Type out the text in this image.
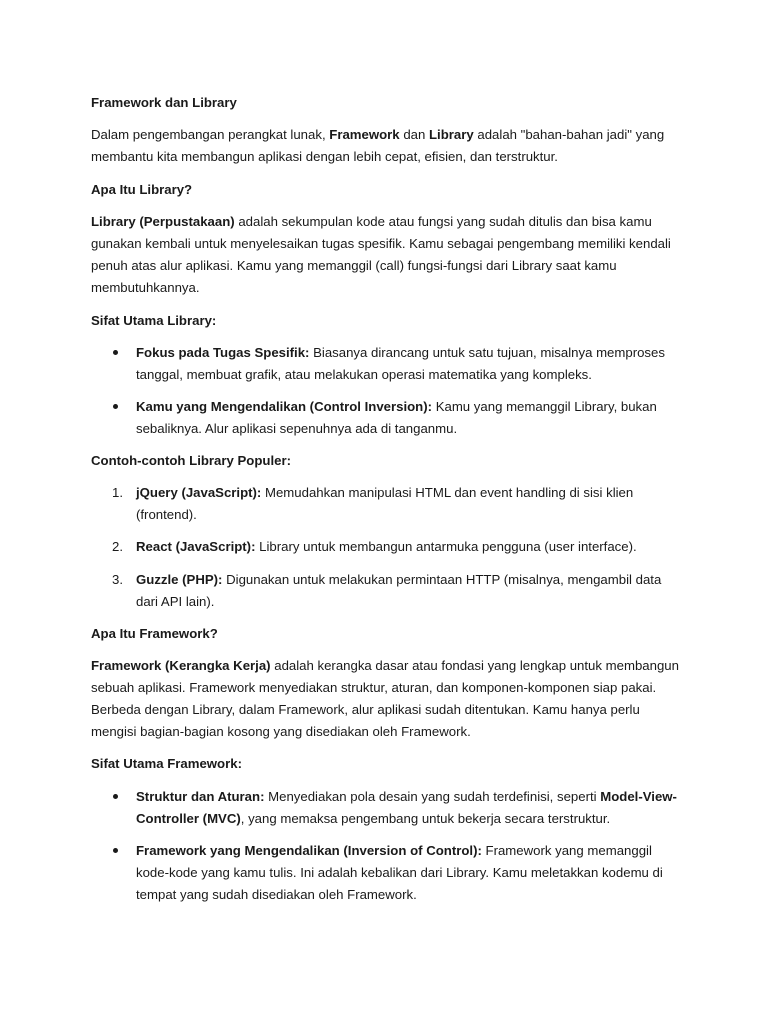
Framework dan Library

Dalam pengembangan perangkat lunak, Framework dan Library adalah "bahan-bahan jadi" yang membantu kita membangun aplikasi dengan lebih cepat, efisien, dan terstruktur.

Apa Itu Library?

Library (Perpustakaan) adalah sekumpulan kode atau fungsi yang sudah ditulis dan bisa kamu gunakan kembali untuk menyelesaikan tugas spesifik. Kamu sebagai pengembang memiliki kendali penuh atas alur aplikasi. Kamu yang memanggil (call) fungsi-fungsi dari Library saat kamu membutuhkannya.

Sifat Utama Library:

Fokus pada Tugas Spesifik: Biasanya dirancang untuk satu tujuan, misalnya memproses tanggal, membuat grafik, atau melakukan operasi matematika yang kompleks.

Kamu yang Mengendalikan (Control Inversion): Kamu yang memanggil Library, bukan sebaliknya. Alur aplikasi sepenuhnya ada di tanganmu.

Contoh-contoh Library Populer:

1. jQuery (JavaScript): Memudahkan manipulasi HTML dan event handling di sisi klien (frontend).

2. React (JavaScript): Library untuk membangun antarmuka pengguna (user interface).

3. Guzzle (PHP): Digunakan untuk melakukan permintaan HTTP (misalnya, mengambil data dari API lain).

Apa Itu Framework?

Framework (Kerangka Kerja) adalah kerangka dasar atau fondasi yang lengkap untuk membangun sebuah aplikasi. Framework menyediakan struktur, aturan, dan komponen-komponen siap pakai. Berbeda dengan Library, dalam Framework, alur aplikasi sudah ditentukan. Kamu hanya perlu mengisi bagian-bagian kosong yang disediakan oleh Framework.

Sifat Utama Framework:

Struktur dan Aturan: Menyediakan pola desain yang sudah terdefinisi, seperti Model-View-Controller (MVC), yang memaksa pengembang untuk bekerja secara terstruktur.

Framework yang Mengendalikan (Inversion of Control): Framework yang memanggil kode-kode yang kamu tulis. Ini adalah kebalikan dari Library. Kamu meletakkan kodemu di tempat yang sudah disediakan oleh Framework.
